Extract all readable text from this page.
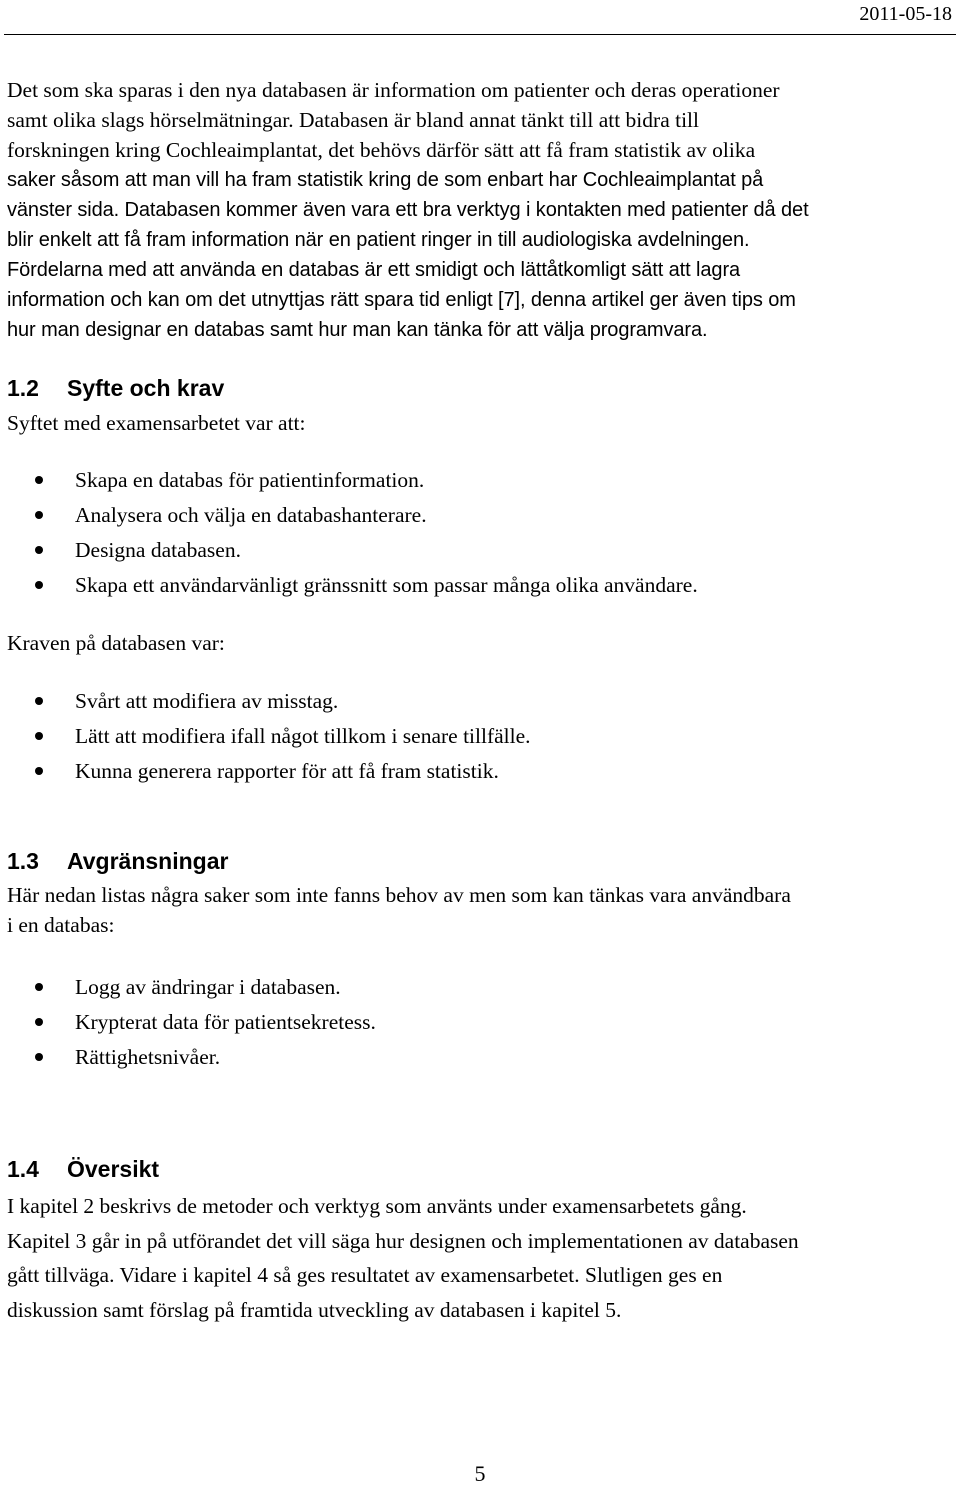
2011-05-18
Det som ska sparas i den nya databasen är information om patienter och deras operationer
samt olika slags hörselmätningar. Databasen är bland annat tänkt till att bidra till
forskningen kring Cochleaimplantat, det behövs därför sätt att få fram statistik av olika
saker såsom att man vill ha fram statistik kring de som enbart har Cochleaimplantat på
vänster sida. Databasen kommer även vara ett bra verktyg i kontakten med patienter då det
blir enkelt att få fram information när en patient ringer in till audiologiska avdelningen.
Fördelarna med att använda en databas är ett smidigt och lättåtkomligt sätt att lagra
information och kan om det utnyttjas rätt spara tid enligt [7], denna artikel ger även tips om
hur man designar en databas samt hur man kan tänka för att välja programvara.
1.2 Syfte och krav
Syftet med examensarbetet var att:
Skapa en databas för patientinformation.
Analysera och välja en databashanterare.
Designa databasen.
Skapa ett användarvänligt gränssnitt som passar många olika användare.
Kraven på databasen var:
Svårt att modifiera av misstag.
Lätt att modifiera ifall något tillkom i senare tillfälle.
Kunna generera rapporter för att få fram statistik.
1.3 Avgränsningar
Här nedan listas några saker som inte fanns behov av men som kan tänkas vara användbara
i en databas:
Logg av ändringar i databasen.
Krypterat data för patientsekretess.
Rättighetsnivåer.
1.4 Översikt
I kapitel 2 beskrivs de metoder och verktyg som använts under examensarbetets gång.
Kapitel 3 går in på utförandet det vill säga hur designen och implementationen av databasen
gått tillväga. Vidare i kapitel 4 så ges resultatet av examensarbetet. Slutligen ges en
diskussion samt förslag på framtida utveckling av databasen i kapitel 5.
5
